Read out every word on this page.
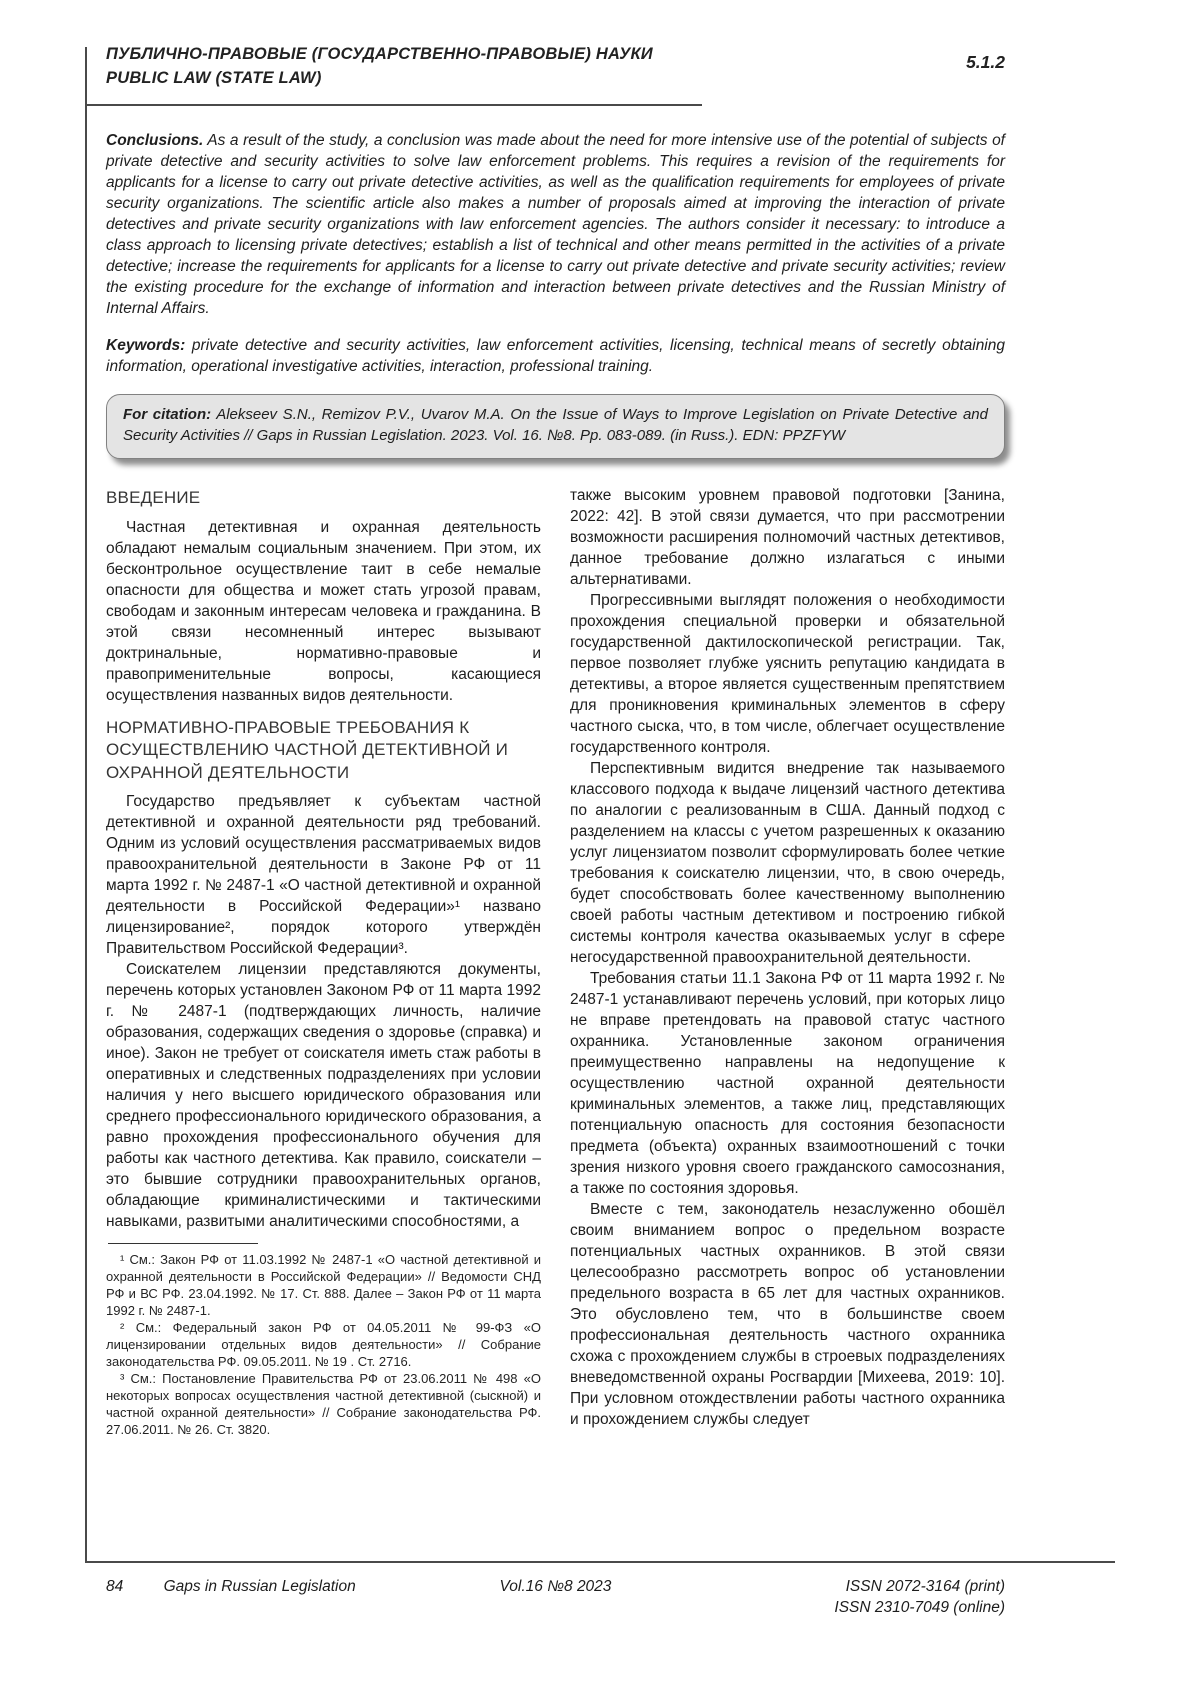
ПУБЛИЧНО-ПРАВОВЫЕ (ГОСУДАРСТВЕННО-ПРАВОВЫЕ) НАУКИ
PUBLIC LAW (STATE LAW)
5.1.2

Conclusions. As a result of the study, a conclusion was made about the need for more intensive use of the potential of subjects of private detective and security activities to solve law enforcement problems. This requires a revision of the requirements for applicants for a license to carry out private detective activities, as well as the qualification requirements for employees of private security organizations. The scientific article also makes a number of proposals aimed at improving the interaction of private detectives and private security organizations with law enforcement agencies. The authors consider it necessary: to introduce a class approach to licensing private detectives; establish a list of technical and other means permitted in the activities of a private detective; increase the requirements for applicants for a license to carry out private detective and private security activities; review the existing procedure for the exchange of information and interaction between private detectives and the Russian Ministry of Internal Affairs.

Keywords: private detective and security activities, law enforcement activities, licensing, technical means of secretly obtaining information, operational investigative activities, interaction, professional training.

For citation: Alekseev S.N., Remizov P.V., Uvarov M.A. On the Issue of Ways to Improve Legislation on Private Detective and Security Activities // Gaps in Russian Legislation. 2023. Vol. 16. №8. Pp. 083-089. (in Russ.). EDN: PPZFYW

ВВЕДЕНИЕ

Частная детективная и охранная деятельность обладают немалым социальным значением. При этом, их бесконтрольное осуществление таит в себе немалые опасности для общества и может стать угрозой правам, свободам и законным интересам человека и гражданина. В этой связи несомненный интерес вызывают доктринальные, нормативно-правовые и правоприменительные вопросы, касающиеся осуществления названных видов деятельности.

НОРМАТИВНО-ПРАВОВЫЕ ТРЕБОВАНИЯ К ОСУЩЕСТВЛЕНИЮ ЧАСТНОЙ ДЕТЕКТИВНОЙ И ОХРАННОЙ ДЕЯТЕЛЬНОСТИ

Государство предъявляет к субъектам частной детективной и охранной деятельности ряд требований. Одним из условий осуществления рассматриваемых видов правоохранительной деятельности в Законе РФ от 11 марта 1992 г. № 2487-1 «О частной детективной и охранной деятельности в Российской Федерации»¹ названо лицензирование², порядок которого утверждён Правительством Российской Федерации³.

Соискателем лицензии представляются документы, перечень которых установлен Законом РФ от 11 марта 1992 г. № 2487-1 (подтверждающих личность, наличие образования, содержащих сведения о здоровье (справка) и иное). Закон не требует от соискателя иметь стаж работы в оперативных и следственных подразделениях при условии наличия у него высшего юридического образования или среднего профессионального юридического образования, а равно прохождения профессионального обучения для работы как частного детектива. Как правило, соискатели – это бывшие сотрудники правоохранительных органов, обладающие криминалистическими и тактическими навыками, развитыми аналитическими способностями, а

¹ См.: Закон РФ от 11.03.1992 № 2487-1 «О частной детективной и охранной деятельности в Российской Федерации» // Ведомости СНД РФ и ВС РФ. 23.04.1992. № 17. Ст. 888. Далее – Закон РФ от 11 марта 1992 г. № 2487-1.

² См.: Федеральный закон РФ от 04.05.2011 № 99-ФЗ «О лицензировании отдельных видов деятельности» // Собрание законодательства РФ. 09.05.2011. № 19 . Ст. 2716.

³ См.: Постановление Правительства РФ от 23.06.2011 № 498 «О некоторых вопросах осуществления частной детективной (сыскной) и частной охранной деятельности» // Собрание законодательства РФ. 27.06.2011. № 26. Ст. 3820.

также высоким уровнем правовой подготовки [Занина, 2022: 42]. В этой связи думается, что при рассмотрении возможности расширения полномочий частных детективов, данное требование должно излагаться с иными альтернативами.

Прогрессивными выглядят положения о необходимости прохождения специальной проверки и обязательной государственной дактилоскопической регистрации. Так, первое позволяет глубже уяснить репутацию кандидата в детективы, а второе является существенным препятствием для проникновения криминальных элементов в сферу частного сыска, что, в том числе, облегчает осуществление государственного контроля.

Перспективным видится внедрение так называемого классового подхода к выдаче лицензий частного детектива по аналогии с реализованным в США. Данный подход с разделением на классы с учетом разрешенных к оказанию услуг лицензиатом позволит сформулировать более четкие требования к соискателю лицензии, что, в свою очередь, будет способствовать более качественному выполнению своей работы частным детективом и построению гибкой системы контроля качества оказываемых услуг в сфере негосударственной правоохранительной деятельности.

Требования статьи 11.1 Закона РФ от 11 марта 1992 г. № 2487-1 устанавливают перечень условий, при которых лицо не вправе претендовать на правовой статус частного охранника. Установленные законом ограничения преимущественно направлены на недопущение к осуществлению частной охранной деятельности криминальных элементов, а также лиц, представляющих потенциальную опасность для состояния безопасности предмета (объекта) охранных взаимоотношений с точки зрения низкого уровня своего гражданского самосознания, а также по состояния здоровья.

Вместе с тем, законодатель незаслуженно обошёл своим вниманием вопрос о предельном возрасте потенциальных частных охранников. В этой связи целесообразно рассмотреть вопрос об установлении предельного возраста в 65 лет для частных охранников. Это обусловлено тем, что в большинстве своем профессиональная деятельность частного охранника схожа с прохождением службы в строевых подразделениях вневедомственной охраны Росгвардии [Михеева, 2019: 10]. При условном отождествлении работы частного охранника и прохождением службы следует

84	Gaps in Russian Legislation	Vol.16 №8 2023	ISSN 2072-3164 (print)
ISSN 2310-7049 (online)
